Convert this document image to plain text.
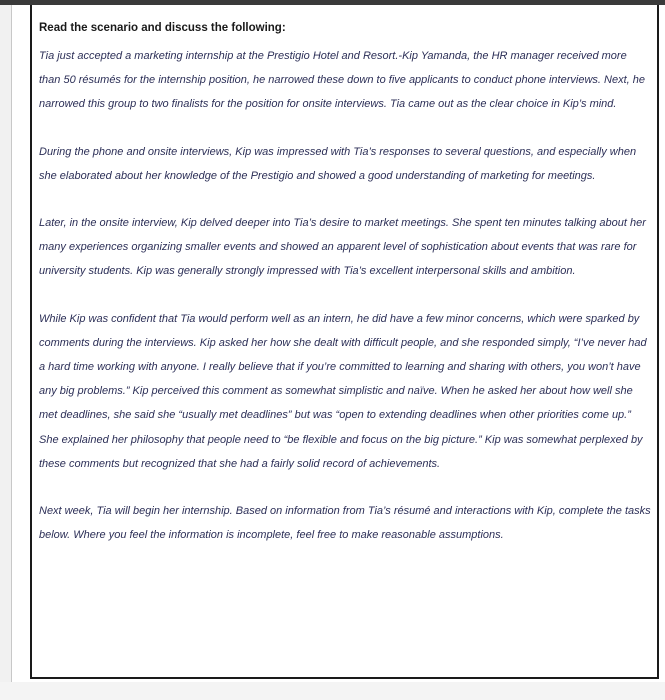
Read the scenario and discuss the following:

Tia just accepted a marketing internship at the Prestigio Hotel and Resort.-Kip Yamanda, the HR manager received more than 50 résumés for the internship position, he narrowed these down to five applicants to conduct phone interviews. Next, he narrowed this group to two finalists for the position for onsite interviews. Tia came out as the clear choice in Kip’s mind.

During the phone and onsite interviews, Kip was impressed with Tia’s responses to several questions, and especially when she elaborated about her knowledge of the Prestigio and showed a good understanding of marketing for meetings.

Later, in the onsite interview, Kip delved deeper into Tia’s desire to market meetings. She spent ten minutes talking about her many experiences organizing smaller events and showed an apparent level of sophistication about events that was rare for university students. Kip was generally strongly impressed with Tia’s excellent interpersonal skills and ambition.

While Kip was confident that Tia would perform well as an intern, he did have a few minor concerns, which were sparked by comments during the interviews. Kip asked her how she dealt with difficult people, and she responded simply, “I’ve never had a hard time working with anyone. I really believe that if you’re committed to learning and sharing with others, you won’t have any big problems.” Kip perceived this comment as somewhat simplistic and naïve. When he asked her about how well she met deadlines, she said she “usually met deadlines” but was “open to extending deadlines when other priorities come up.” She explained her philosophy that people need to “be flexible and focus on the big picture.” Kip was somewhat perplexed by these comments but recognized that she had a fairly solid record of achievements.

Next week, Tia will begin her internship. Based on information from Tia’s résumé and interactions with Kip, complete the tasks below. Where you feel the information is incomplete, feel free to make reasonable assumptions.
